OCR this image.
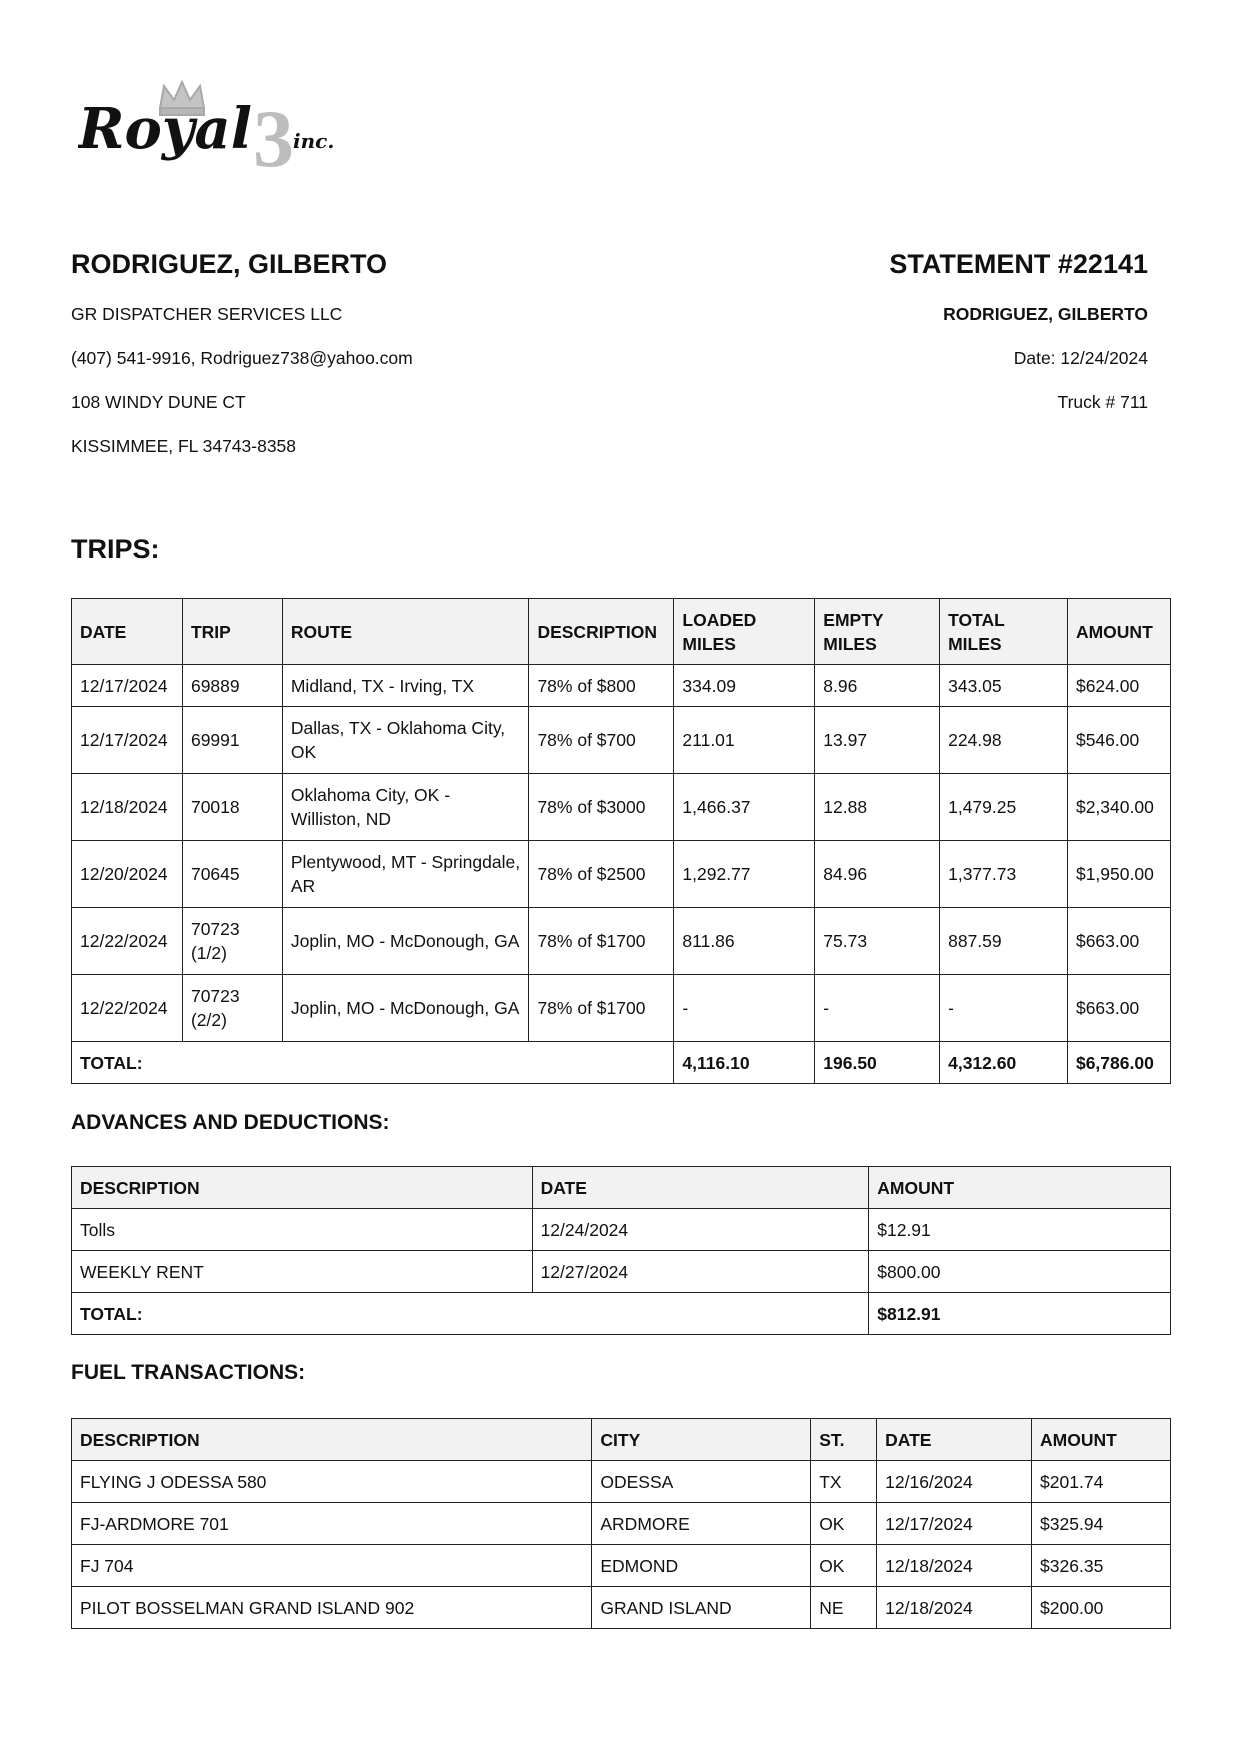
3
Royal inc.
RODRIGUEZ, GILBERTO
GR DISPATCHER SERVICES LLC
(407) 541-9916, Rodriguez738@yahoo.com
108 WINDY DUNE CT
KISSIMMEE, FL 34743-8358
STATEMENT #22141
RODRIGUEZ, GILBERTO
Date: 12/24/2024
Truck # 711
TRIPS:
DATE	TRIP	ROUTE	DESCRIPTION	LOADED MILES	EMPTY MILES	TOTAL MILES	AMOUNT
12/17/2024	69889	Midland, TX - Irving, TX	78% of $800	334.09	8.96	343.05	$624.00
12/17/2024	69991	Dallas, TX - Oklahoma City, OK	78% of $700	211.01	13.97	224.98	$546.00
12/18/2024	70018	Oklahoma City, OK - Williston, ND	78% of $3000	1,466.37	12.88	1,479.25	$2,340.00
12/20/2024	70645	Plentywood, MT - Springdale, AR	78% of $2500	1,292.77	84.96	1,377.73	$1,950.00
12/22/2024	70723 (1/2)	Joplin, MO - McDonough, GA	78% of $1700	811.86	75.73	887.59	$663.00
12/22/2024	70723 (2/2)	Joplin, MO - McDonough, GA	78% of $1700	-	-	-	$663.00
TOTAL:				4,116.10	196.50	4,312.60	$6,786.00
ADVANCES AND DEDUCTIONS:
DESCRIPTION	DATE	AMOUNT
Tolls	12/24/2024	$12.91
WEEKLY RENT	12/27/2024	$800.00
TOTAL:		$812.91
FUEL TRANSACTIONS:
DESCRIPTION	CITY	ST.	DATE	AMOUNT
FLYING J ODESSA 580	ODESSA	TX	12/16/2024	$201.74
FJ-ARDMORE 701	ARDMORE	OK	12/17/2024	$325.94
FJ 704	EDMOND	OK	12/18/2024	$326.35
PILOT BOSSELMAN GRAND ISLAND 902	GRAND ISLAND	NE	12/18/2024	$200.00
